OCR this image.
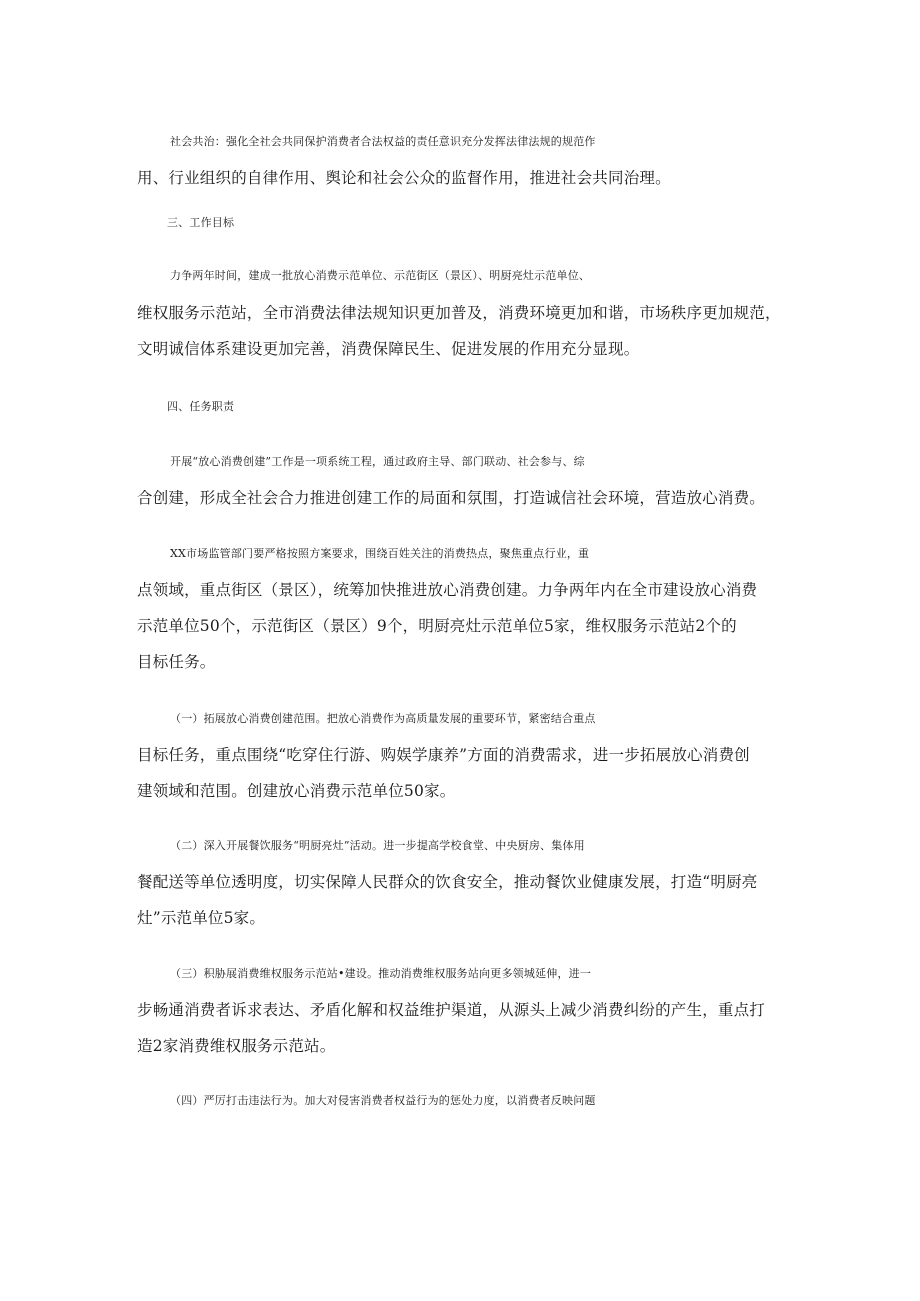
社会共治：强化全社会共同保护消费者合法权益的责任意识充分发挥法律法规的规范作
用、行业组织的自律作用、舆论和社会公众的监督作用，推进社会共同治理。
三、工作目标
力争两年时间，建成一批放心消费示范单位、示范街区（景区）、明厨亮灶示范单位、
维权服务示范站，全市消费法律法规知识更加普及，消费环境更加和谐，市场秩序更加规范，
文明诚信体系建设更加完善，消费保障民生、促进发展的作用充分显现。
四、任务职责
开展“放心消费创建”工作是一项系统工程，通过政府主导、部门联动、社会参与、综
合创建，形成全社会合力推进创建工作的局面和氛围，打造诚信社会环境，营造放心消费。
XX市场监管部门要严格按照方案要求，围绕百姓关注的消费热点，聚焦重点行业，重
点领域，重点街区（景区），统筹加快推进放心消费创建。力争两年内在全市建设放心消费
示范单位50个，示范街区（景区）9个，明厨亮灶示范单位5家，维权服务示范站2个的
目标任务。
（一）拓展放心消费创建范围。把放心消费作为高质量发展的重要环节，紧密结合重点
目标任务，重点围绕“吃穿住行游、购娱学康养”方面的消费需求，进一步拓展放心消费创
建领域和范围。创建放心消费示范单位50家。
（二）深入开展餐饮服务“明厨亮灶”活动。进一步提高学校食堂、中央厨房、集体用
餐配送等单位透明度，切实保障人民群众的饮食安全，推动餐饮业健康发展，打造“明厨亮
灶”示范单位5家。
（三）积胁展消费维权服务示范站•建设。推动消费维权服务站向更多领城延伸，进一
步畅通消费者诉求表达、矛盾化解和权益维护渠道，从源头上减少消费纠纷的产生，重点打
造2家消费维权服务示范站。
（四）严厉打击违法行为。加大对侵害消费者权益行为的惩处力度，以消费者反映问题
